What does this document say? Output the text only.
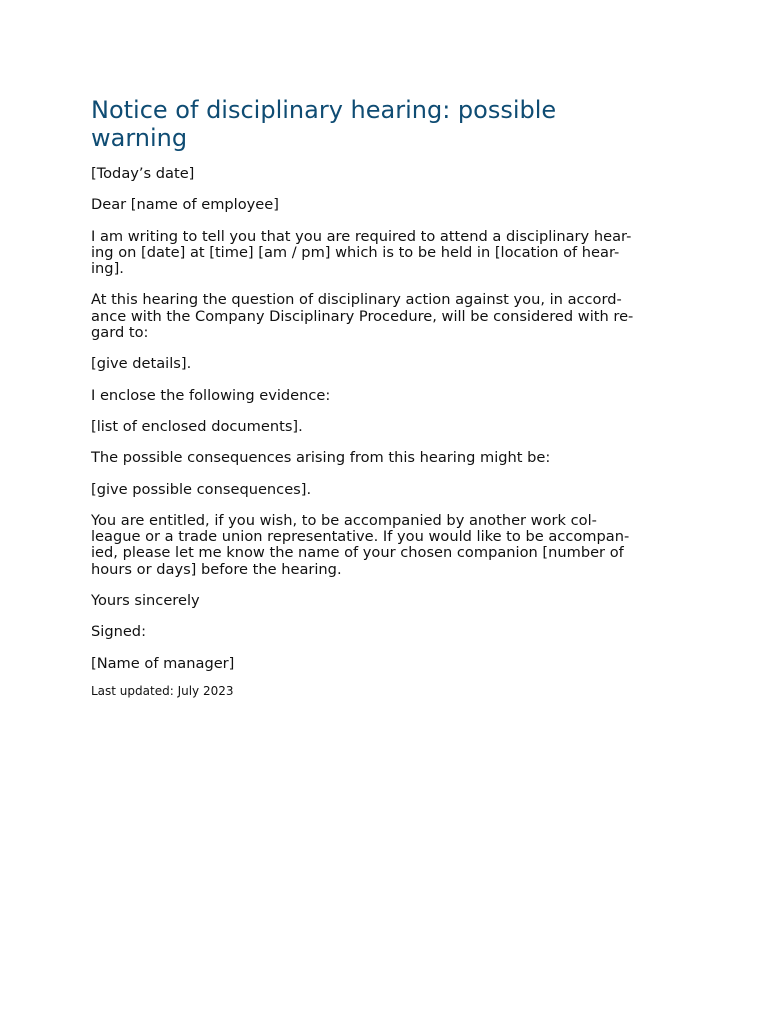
Notice of disciplinary hearing: possible
warning

[Today’s date]

Dear [name of employee]

I am writing to tell you that you are required to attend a disciplinary hear-
ing on [date] at [time] [am / pm] which is to be held in [location of hear-
ing].

At this hearing the question of disciplinary action against you, in accord-
ance with the Company Disciplinary Procedure, will be considered with re-
gard to:

[give details].

I enclose the following evidence:

[list of enclosed documents].

The possible consequences arising from this hearing might be:

[give possible consequences].

You are entitled, if you wish, to be accompanied by another work col-
league or a trade union representative. If you would like to be accompan-
ied, please let me know the name of your chosen companion [number of
hours or days] before the hearing.

Yours sincerely

Signed:

[Name of manager]

Last updated: July 2023
